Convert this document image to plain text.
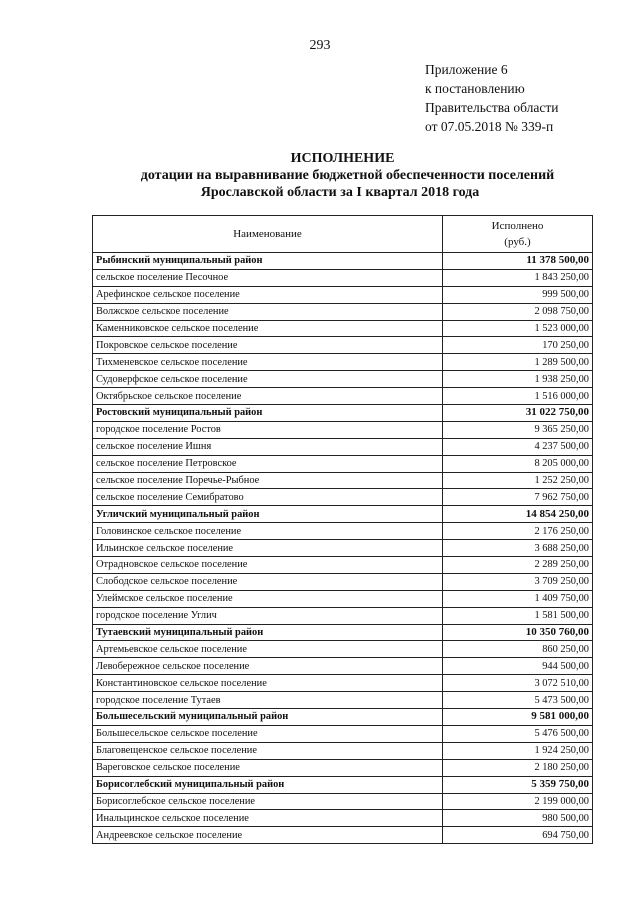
293
Приложение 6
к постановлению
Правительства области
от 07.05.2018 № 339-п
ИСПОЛНЕНИЕ
дотации на выравнивание бюджетной обеспеченности поселений
Ярославской области за I квартал 2018 года
Наименование	Исполнено
(руб.)

Рыбинский муниципальный район	11 378 500,00
сельское поселение Песочное	1 843 250,00
Арефинское сельское поселение	999 500,00
Волжское сельское поселение	2 098 750,00
Каменниковское сельское поселение	1 523 000,00
Покровское сельское поселение	170 250,00
Тихменевское сельское поселение	1 289 500,00
Судоверфское сельское поселение	1 938 250,00
Октябрьское сельское поселение	1 516 000,00
Ростовский муниципальный район	31 022 750,00
городское поселение Ростов	9 365 250,00
сельское поселение Ишня	4 237 500,00
сельское поселение Петровское	8 205 000,00
сельское поселение Поречье-Рыбное	1 252 250,00
сельское поселение Семибратово	7 962 750,00
Угличский муниципальный район	14 854 250,00
Головинское сельское поселение	2 176 250,00
Ильинское сельское поселение	3 688 250,00
Отрадновское сельское поселение	2 289 250,00
Слободское сельское поселение	3 709 250,00
Улеймское сельское поселение	1 409 750,00
городское поселение Углич	1 581 500,00
Тутаевский муниципальный район	10 350 760,00
Артемьевское сельское поселение	860 250,00
Левобережное сельское поселение	944 500,00
Константиновское сельское поселение	3 072 510,00
городское поселение Тутаев	5 473 500,00
Большесельский муниципальный район	9 581 000,00
Большесельское сельское поселение	5 476 500,00
Благовещенское сельское поселение	1 924 250,00
Вареговское сельское поселение	2 180 250,00
Борисоглебский муниципальный район	5 359 750,00
Борисоглебское сельское поселение	2 199 000,00
Инальцинское сельское поселение	980 500,00
Андреевское сельское поселение	694 750,00
